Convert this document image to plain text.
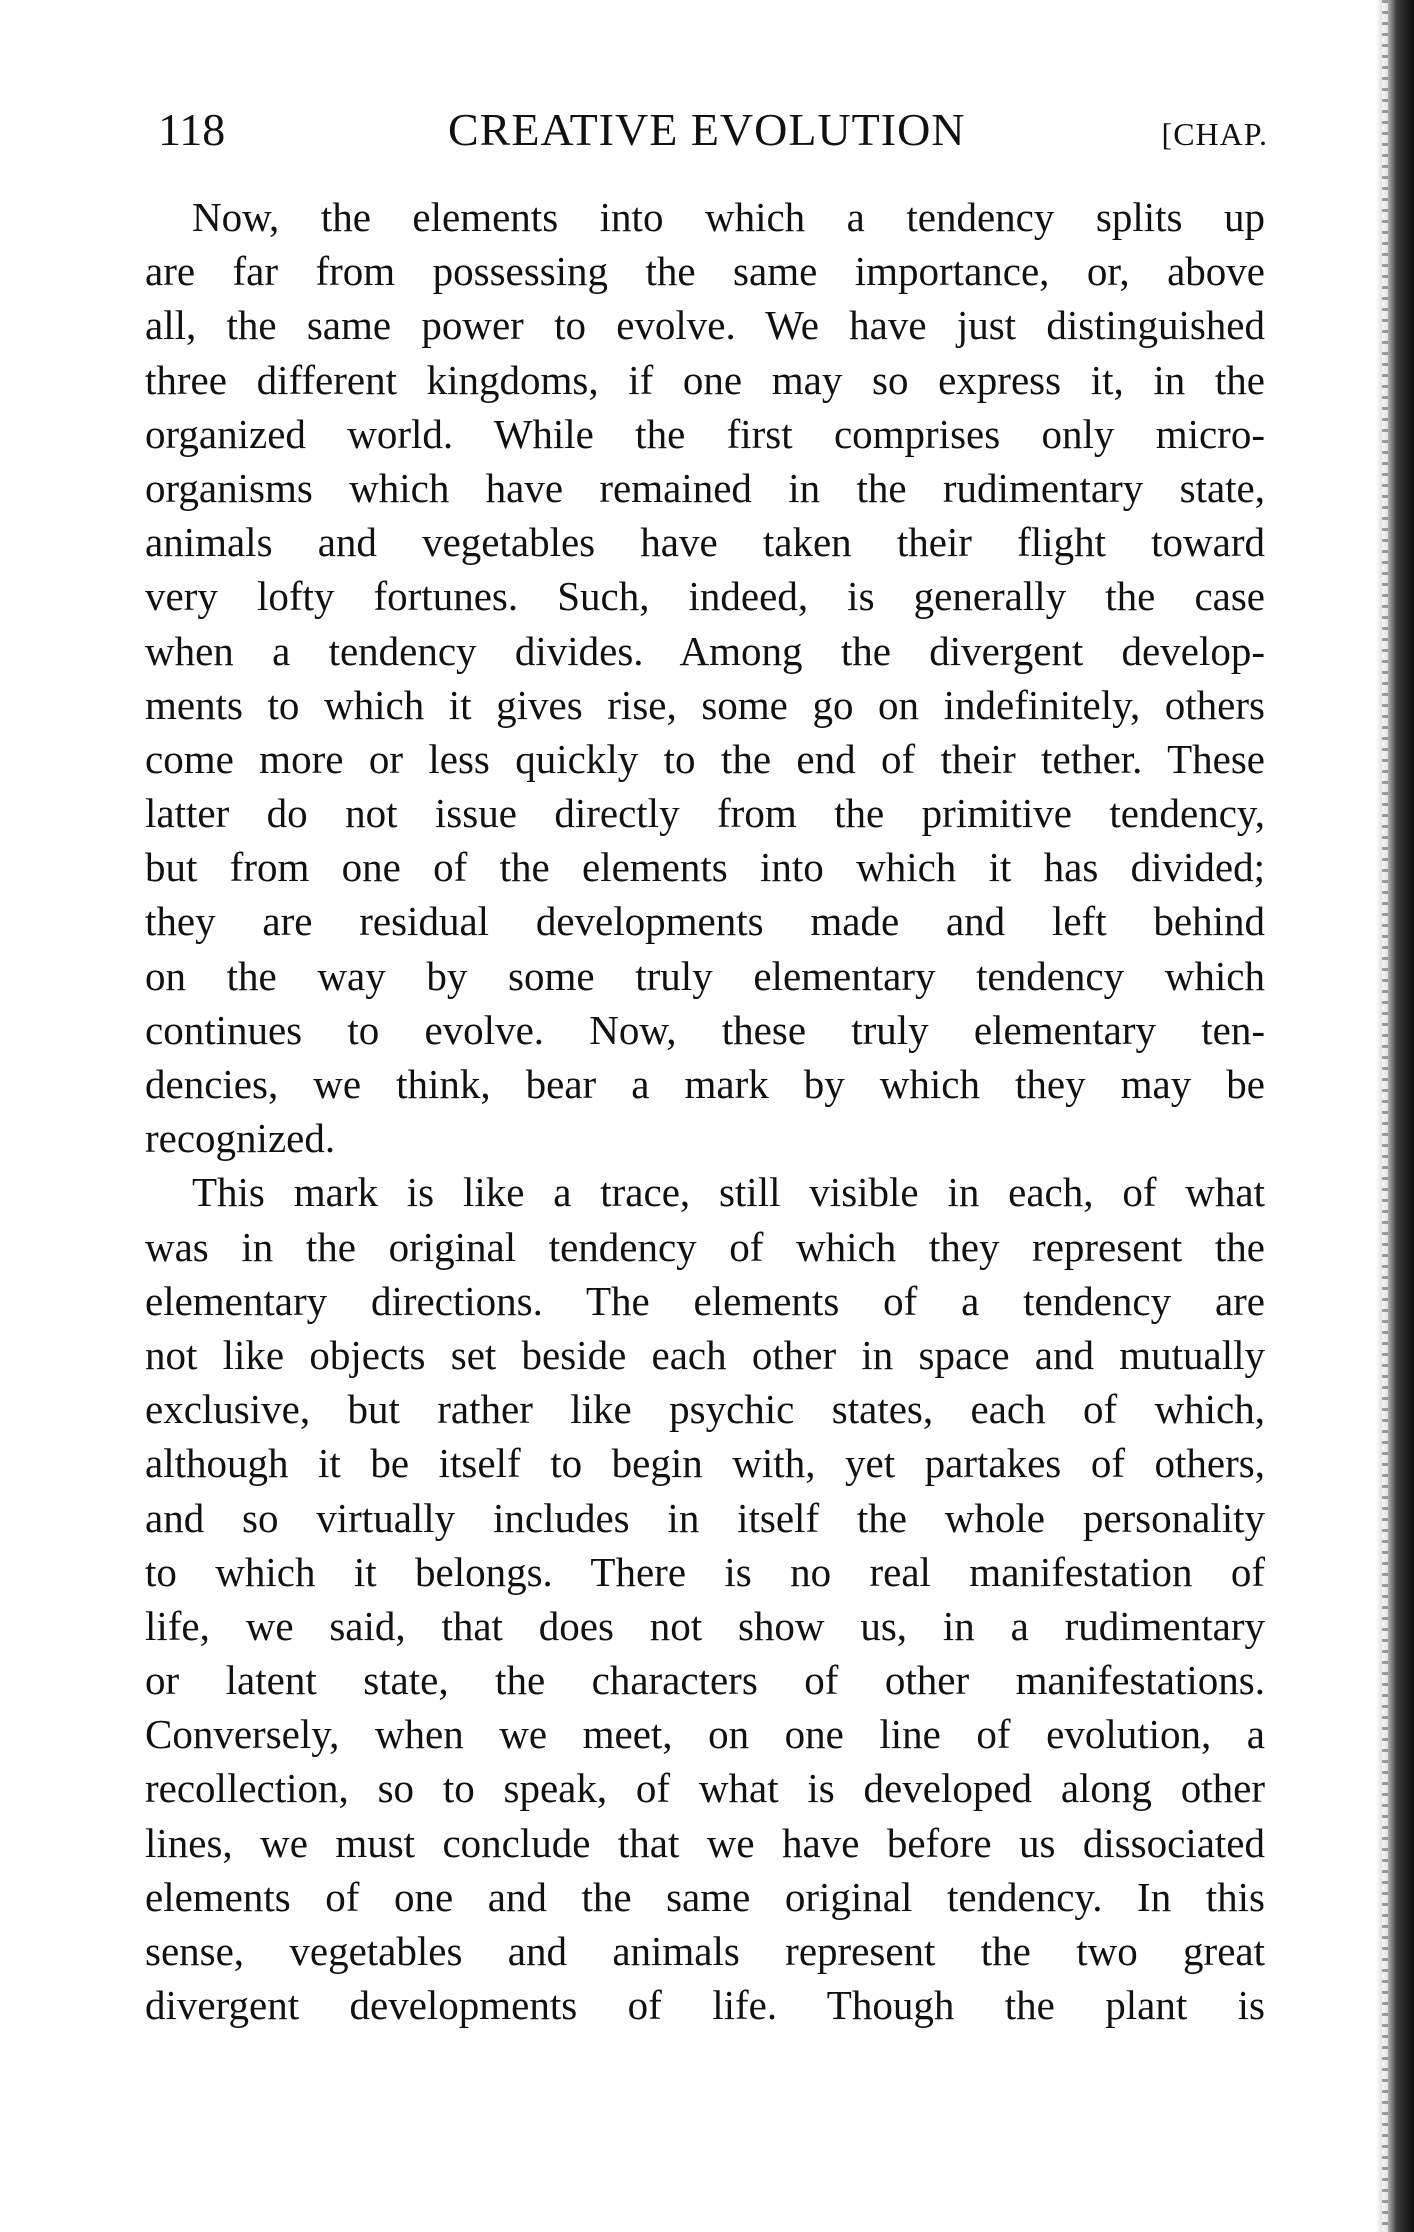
118	CREATIVE EVOLUTION	[CHAP.
Now, the elements into which a tendency splits up
are far from possessing the same importance, or, above
all, the same power to evolve. We have just distinguished
three different kingdoms, if one may so express it, in the
organized world. While the first comprises only micro-
organisms which have remained in the rudimentary state,
animals and vegetables have taken their flight toward
very lofty fortunes. Such, indeed, is generally the case
when a tendency divides. Among the divergent develop-
ments to which it gives rise, some go on indefinitely, others
come more or less quickly to the end of their tether. These
latter do not issue directly from the primitive tendency,
but from one of the elements into which it has divided;
they are residual developments made and left behind
on the way by some truly elementary tendency which
continues to evolve. Now, these truly elementary ten-
dencies, we think, bear a mark by which they may be
recognized.
This mark is like a trace, still visible in each, of what
was in the original tendency of which they represent the
elementary directions. The elements of a tendency are
not like objects set beside each other in space and mutually
exclusive, but rather like psychic states, each of which,
although it be itself to begin with, yet partakes of others,
and so virtually includes in itself the whole personality
to which it belongs. There is no real manifestation of
life, we said, that does not show us, in a rudimentary
or latent state, the characters of other manifestations.
Conversely, when we meet, on one line of evolution, a
recollection, so to speak, of what is developed along other
lines, we must conclude that we have before us dissociated
elements of one and the same original tendency. In this
sense, vegetables and animals represent the two great
divergent developments of life. Though the plant is
